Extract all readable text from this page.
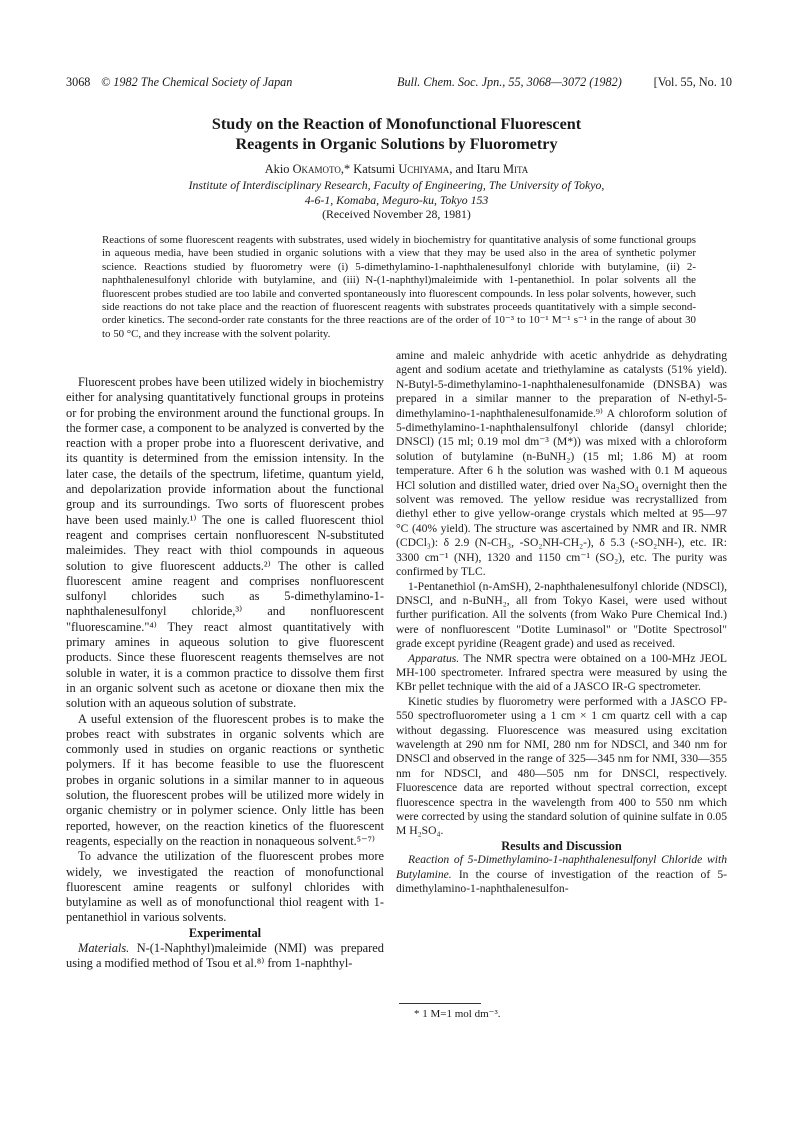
3068 © 1982 The Chemical Society of Japan	Bull. Chem. Soc. Jpn., 55, 3068—3072 (1982)	[Vol. 55, No. 10
Study on the Reaction of Monofunctional Fluorescent
Reagents in Organic Solutions by Fluorometry
Akio Okamoto,* Katsumi Uchiyama, and Itaru Mita
Institute of Interdisciplinary Research, Faculty of Engineering, The University of Tokyo,
4-6-1, Komaba, Meguro-ku, Tokyo 153
(Received November 28, 1981)

Reactions of some fluorescent reagents with substrates, used widely in biochemistry for quantitative analysis of some functional groups in aqueous media, have been studied in organic solutions with a view that they may be used also in the area of synthetic polymer science. Reactions studied by fluorometry were (i) 5-dimethylamino-1-naphthalenesulfonyl chloride with butylamine, (ii) 2-naphthalenesulfonyl chloride with butylamine, and (iii) N-(1-naphthyl)maleimide with 1-pentanethiol. In polar solvents all the fluorescent probes studied are too labile and converted spontaneously into fluorescent compounds. In less polar solvents, however, such side reactions do not take place and the reaction of fluorescent reagents with substrates proceeds quantitatively with a simple second-order kinetics. The second-order rate constants for the three reactions are of the order of 10⁻³ to 10⁻¹ M⁻¹ s⁻¹ in the range of about 30 to 50 °C, and they increase with the solvent polarity.

Fluorescent probes have been utilized widely in biochemistry either for analysing quantitatively functional groups in proteins or for probing the environment around the functional groups. In the former case, a component to be analyzed is converted by the reaction with a proper probe into a fluorescent derivative, and its quantity is determined from the emission intensity. In the later case, the details of the spectrum, lifetime, quantum yield, and depolarization provide information about the functional group and its surroundings. Two sorts of fluorescent probes have been used mainly.¹⁾ The one is called fluorescent thiol reagent and comprises certain nonfluorescent N-substituted maleimides. They react with thiol compounds in aqueous solution to give fluorescent adducts.²⁾ The other is called fluorescent amine reagent and comprises nonfluorescent sulfonyl chlorides such as 5-dimethylamino-1-naphthalenesulfonyl chloride,³⁾ and nonfluorescent "fluorescamine."⁴⁾ They react almost quantitatively with primary amines in aqueous solution to give fluorescent products. Since these fluorescent reagents themselves are not soluble in water, it is a common practice to dissolve them first in an organic solvent such as acetone or dioxane then mix the solution with an aqueous solution of substrate.

A useful extension of the fluorescent probes is to make the probes react with substrates in organic solvents which are commonly used in studies on organic reactions or synthetic polymers. If it has become feasible to use the fluorescent probes in organic solutions in a similar manner to in aqueous solution, the fluorescent probes will be utilized more widely in organic chemistry or in polymer science. Only little has been reported, however, on the reaction kinetics of the fluorescent reagents, especially on the reaction in nonaqueous solvent.⁵⁻⁷⁾

To advance the utilization of the fluorescent probes more widely, we investigated the reaction of monofunctional fluorescent amine reagents or sulfonyl chlorides with butylamine as well as of monofunctional thiol reagent with 1-pentanethiol in various solvents.

Experimental

Materials. N-(1-Naphthyl)maleimide (NMI) was prepared using a modified method of Tsou et al.⁸⁾ from 1-naphthyl-

amine and maleic anhydride with acetic anhydride as dehydrating agent and sodium acetate and triethylamine as catalysts (51% yield). N-Butyl-5-dimethylamino-1-naphthalenesulfonamide (DNSBA) was prepared in a similar manner to the preparation of N-ethyl-5-dimethylamino-1-naphthalenesulfonamide.⁹⁾ A chloroform solution of 5-dimethylamino-1-naphthalensulfonyl chloride (dansyl chloride; DNSCl) (15 ml; 0.19 mol dm⁻³ (M*)) was mixed with a chloroform solution of butylamine (n-BuNH₂) (15 ml; 1.86 M) at room temperature. After 6 h the solution was washed with 0.1 M aqueous HCl solution and distilled water, dried over Na₂SO₄ overnight then the solvent was removed. The yellow residue was recrystallized from diethyl ether to give yellow-orange crystals which melted at 95—97 °C (40% yield). The structure was ascertained by NMR and IR. NMR (CDCl₃): δ 2.9 (N-CH₃, -SO₂NH-CH₂-), δ 5.3 (-SO₂NH-), etc. IR: 3300 cm⁻¹ (NH), 1320 and 1150 cm⁻¹ (SO₂), etc. The purity was confirmed by TLC.

1-Pentanethiol (n-AmSH), 2-naphthalenesulfonyl chloride (NDSCl), DNSCl, and n-BuNH₂, all from Tokyo Kasei, were used without further purification. All the solvents (from Wako Pure Chemical Ind.) were of nonfluorescent "Dotite Luminasol" or "Dotite Spectrosol" grade except pyridine (Reagent grade) and used as received.

Apparatus. The NMR spectra were obtained on a 100-MHz JEOL MH-100 spectrometer. Infrared spectra were measured by using the KBr pellet technique with the aid of a JASCO IR-G spectrometer.

Kinetic studies by fluorometry were performed with a JASCO FP-550 spectrofluorometer using a 1 cm × 1 cm quartz cell with a cap without degassing. Fluorescence was measured using excitation wavelength at 290 nm for NMI, 280 nm for NDSCl, and 340 nm for DNSCl and observed in the range of 325—345 nm for NMI, 330—355 nm for NDSCl, and 480—505 nm for DNSCl, respectively. Fluorescence data are reported without spectral correction, except fluorescence spectra in the wavelength from 400 to 550 nm which were corrected by using the standard solution of quinine sulfate in 0.05 M H₂SO₄.

Results and Discussion

Reaction of 5-Dimethylamino-1-naphthalenesulfonyl Chloride with Butylamine. In the course of investigation of the reaction of 5-dimethylamino-1-naphthalenesulfon-

* 1 M=1 mol dm⁻³.
